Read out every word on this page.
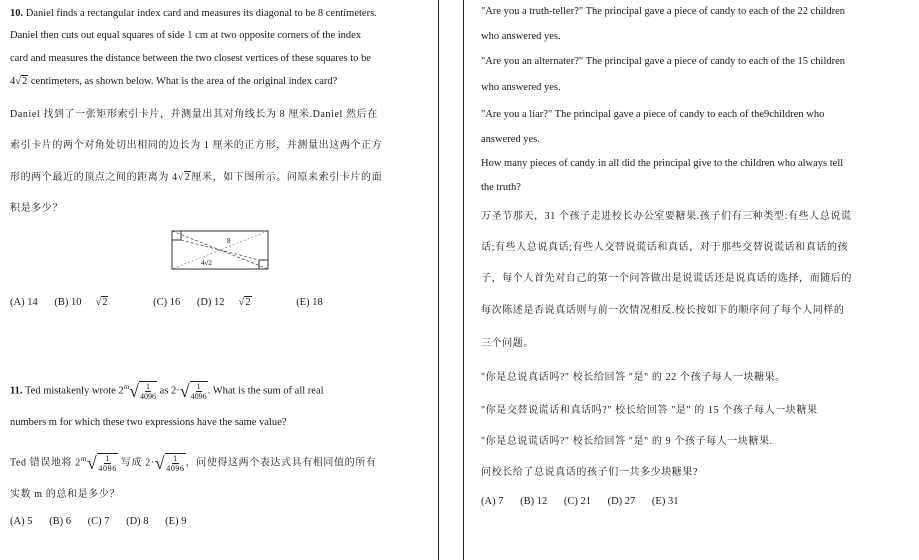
10. Daniel finds a rectangular index card and measures its diagonal to be 8 centimeters.
Daniel then cuts out equal squares of side 1 cm at two opposite corners of the index
card and measures the distance between the two closest vertices of these squares to be
4√2 centimeters, as shown below. What is the area of the original index card?
Daniel 找到了一张矩形索引卡片，并测量出其对角线长为 8 厘米.Daniel 然后在
索引卡片的两个对角处切出相同的边长为 1 厘米的正方形，并测量出这两个正方
形的两个最近的顶点之间的距离为 4√2厘米，如下图所示。问原来索引卡片的面
积是多少？
8
4√2
(A) 14 (B) 10 √2	(C) 16 (D) 12 √2	(E) 18
11. Ted mistakenly wrote 2$^m$ √ $\frac{1}{4096}$ as 2· √ $\frac{1}{4096}$ . What is the sum of all real
numbers m for which these two expressions have the same value?
Ted 错误地将 2$^m$ √ $\frac{1}{4096}$ 写成 2· √ $\frac{1}{4096}$ ，问使得这两个表达式具有相同值的所有
实数 m 的总和是多少？
(A) 5 (B) 6 (C) 7 (D) 8 (E) 9
"Are you a truth-teller?" The principal gave a piece of candy to each of the 22 children
who answered yes.
"Are you an alternater?" The principal gave a piece of candy to each of the 15 children
who answered yes.
"Are you a liar?" The principal gave a piece of candy to each of the9children who
answered yes.
How many pieces of candy in all did the principal give to the children who always tell
the truth?
万圣节那天，31 个孩子走进校长办公室要糖果.孩子们有三种类型:有些人总说谎
话;有些人总说真话;有些人交替说谎话和真话，对于那些交替说谎话和真话的孩
子，每个人首先对自己的第一个问答做出是说谎话还是说真话的选择，而随后的
每次陈述是否说真话则与前一次情况相反.校长按如下的顺序问了每个人同样的
三个问题。
"你是总说真话吗?" 校长给回答 "是" 的 22 个孩子每人一块糖果。
"你是交替说谎话和真话吗?" 校长给回答 "是" 的 15 个孩子每人一块糖果
"你是总说谎话吗?" 校长给回答 "是" 的 9 个孩子每人一块糖果.
问校长给了总说真话的孩子们一共多少块糖果?
(A) 7 (B) 12 (C) 21 (D) 27 (E) 31
